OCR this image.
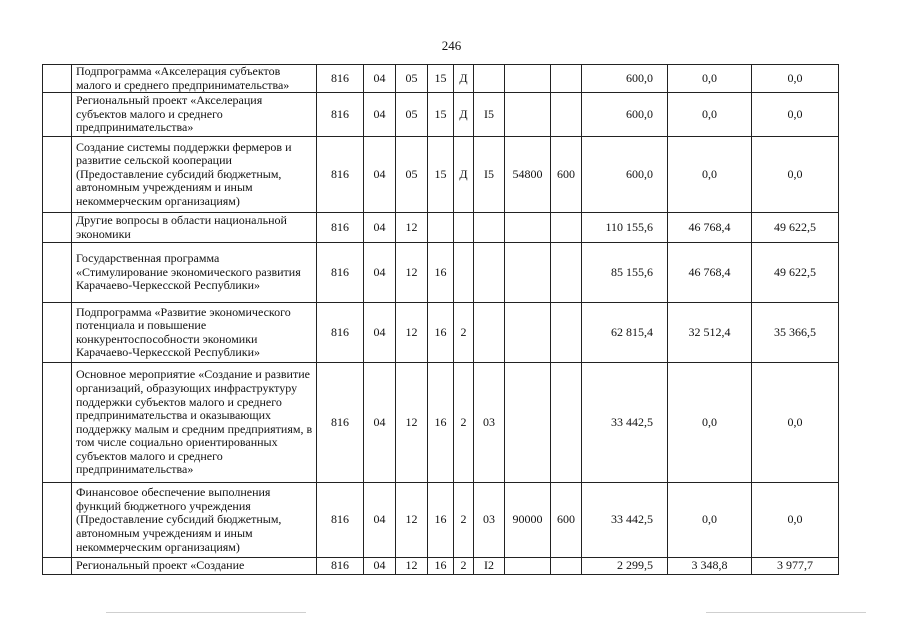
246
	Подпрограмма «Акселерация субъектов малого и среднего предпринимательства»	816	04	05	15	Д				600,0	0,0	0,0
	Региональный проект «Акселерация субъектов малого и среднего предпринимательства»	816	04	05	15	Д	I5			600,0	0,0	0,0
	Создание системы поддержки фермеров и развитие сельской кооперации (Предоставление субсидий бюджетным, автономным учреждениям и иным некоммерческим организациям)	816	04	05	15	Д	I5	54800	600	600,0	0,0	0,0
	Другие вопросы в области национальной экономики	816	04	12						110 155,6	46 768,4	49 622,5
	Государственная программа «Стимулирование экономического развития Карачаево-Черкесской Республики»	816	04	12	16					85 155,6	46 768,4	49 622,5
	Подпрограмма «Развитие экономического потенциала и повышение конкурентоспособности экономики Карачаево-Черкесской Республики»	816	04	12	16	2				62 815,4	32 512,4	35 366,5
	Основное мероприятие «Создание и развитие организаций, образующих инфраструктуру поддержки субъектов малого и среднего предпринимательства и оказывающих поддержку малым и средним предприятиям, в том числе социально ориентированных субъектов малого и среднего предпринимательства»	816	04	12	16	2	03			33 442,5	0,0	0,0
	Финансовое обеспечение выполнения функций бюджетного учреждения (Предоставление субсидий бюджетным, автономным учреждениям и иным некоммерческим организациям)	816	04	12	16	2	03	90000	600	33 442,5	0,0	0,0
	Региональный проект «Создание	816	04	12	16	2	I2			2 299,5	3 348,8	3 977,7
